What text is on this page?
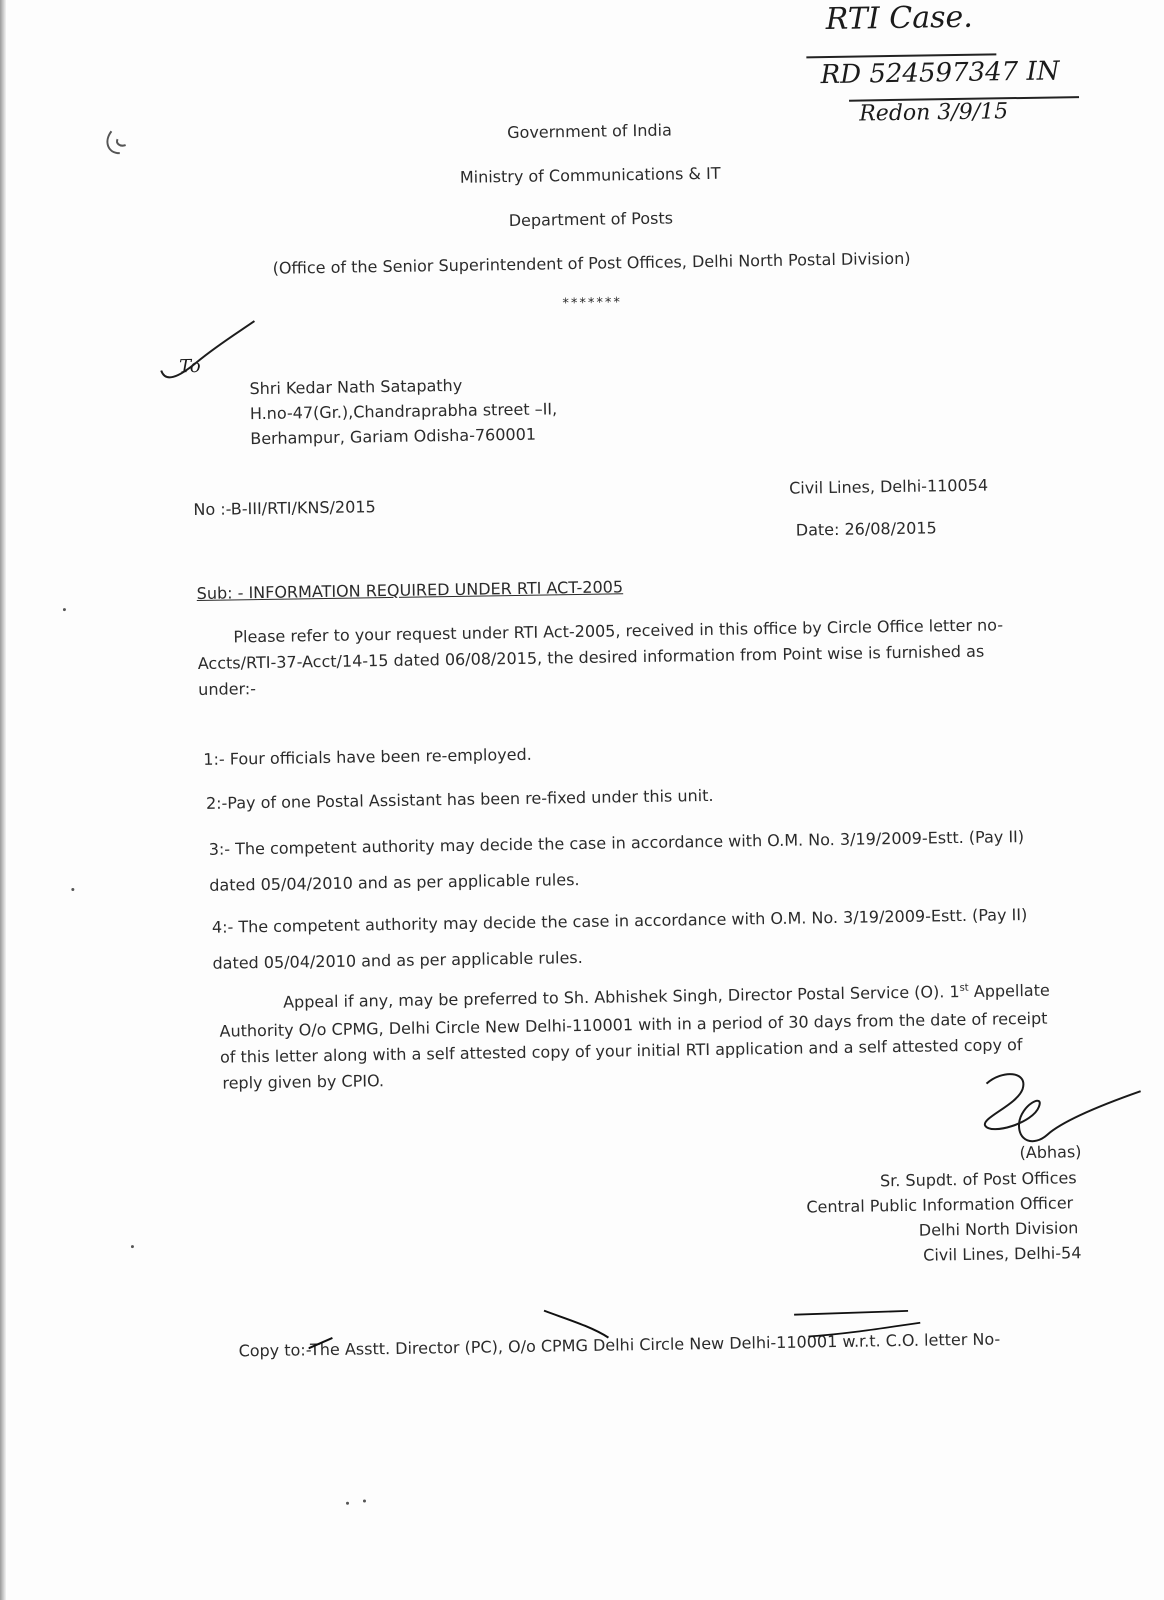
RTI Case.
RD 524597347 IN
Redon 3/9/15
Government of India
Ministry of Communications & IT
Department of Posts
(Office of the Senior Superintendent of Post Offices, Delhi North Postal Division)
*******
To
Shri Kedar Nath Satapathy
H.no-47(Gr.),Chandraprabha street –II,
Berhampur, Gariam Odisha-760001
No :-B-III/RTI/KNS/2015
Civil Lines, Delhi-110054
Date: 26/08/2015
Sub: - INFORMATION REQUIRED UNDER RTI ACT-2005
Please refer to your request under RTI Act-2005, received in this office by Circle Office letter no-
Accts/RTI-37-Acct/14-15 dated 06/08/2015, the desired information from Point wise is furnished as
under:-
1:- Four officials have been re-employed.
2:-Pay of one Postal Assistant has been re-fixed under this unit.
3:- The competent authority may decide the case in accordance with O.M. No. 3/19/2009-Estt. (Pay II)
dated 05/04/2010 and as per applicable rules.
4:- The competent authority may decide the case in accordance with O.M. No. 3/19/2009-Estt. (Pay II)
dated 05/04/2010 and as per applicable rules.
Appeal if any, may be preferred to Sh. Abhishek Singh, Director Postal Service (O). 1st Appellate
Authority O/o CPMG, Delhi Circle New Delhi-110001 with in a period of 30 days from the date of receipt
of this letter along with a self attested copy of your initial RTI application and a self attested copy of
reply given by CPIO.
(Abhas)
Sr. Supdt. of Post Offices
Central Public Information Officer
Delhi North Division
Civil Lines, Delhi-54
Copy to:-The Asstt. Director (PC), O/o CPMG Delhi Circle New Delhi-110001 w.r.t. C.O. letter No-
